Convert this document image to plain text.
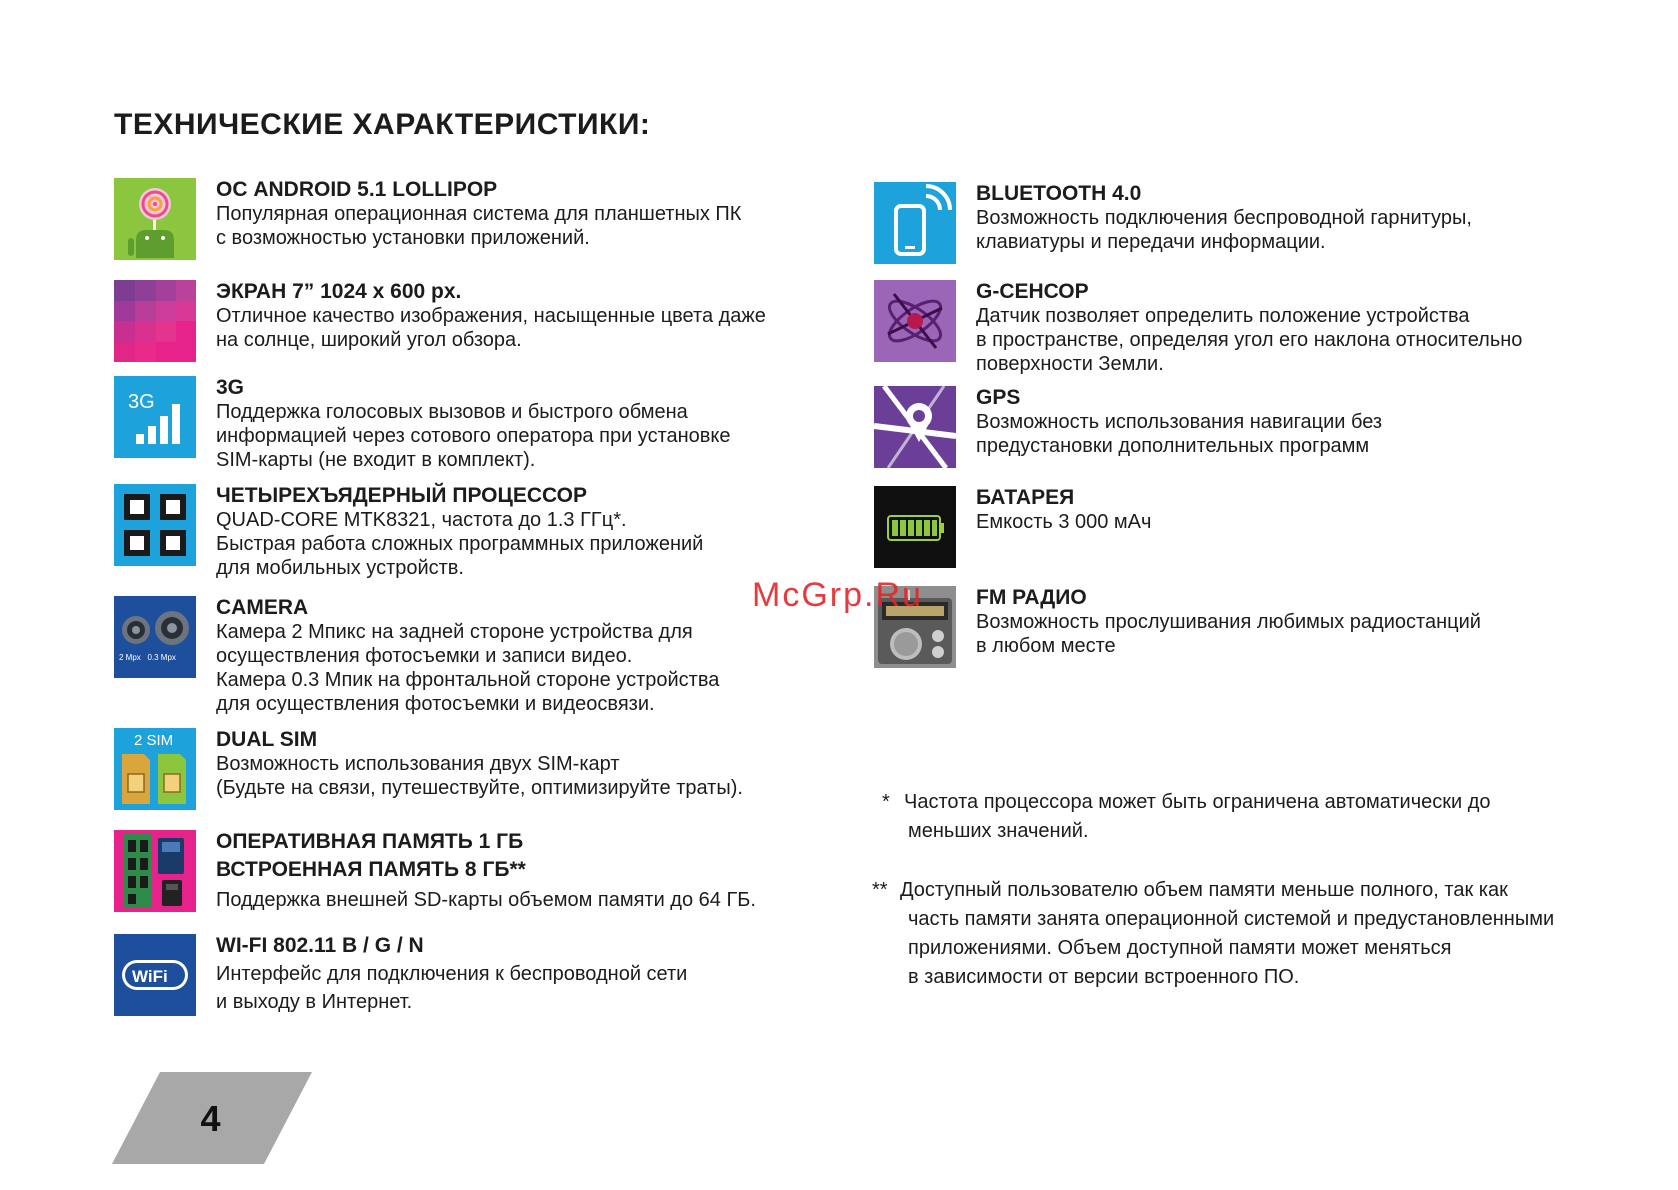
ТЕХНИЧЕСКИЕ ХАРАКТЕРИСТИКИ:
ОС ANDROID 5.1 LOLLIPOP
Популярная операционная система для планшетных ПК
с возможностью установки приложений.
ЭКРАН 7” 1024 x 600 px.
Отличное качество изображения, насыщенные цвета даже
на солнце, широкий угол обзора.
3G
3G
Поддержка голосовых вызовов и быстрого обмена
информацией через сотового оператора при установке
SIM-карты (не входит в комплект).
ЧЕТЫРЕХЪЯДЕРНЫЙ ПРОЦЕССОР
QUAD-CORE MTK8321, частота до 1.3 ГГц*.
Быстрая работа сложных программных приложений
для мобильных устройств.
2 Mpx   0.3 Mpx
CAMERA
Камера 2 Мпикс на задней стороне устройства для
осуществления фотосъемки и записи видео.
Камера 0.3 Мпик на фронтальной стороне устройства
для осуществления фотосъемки и видеосвязи.
2 SIM DUAL SIM
Возможность использования двух SIM-карт
(Будьте на связи, путешествуйте, оптимизируйте траты).
ОПЕРАТИВНАЯ ПАМЯТЬ 1 ГБ
ВСТРОЕННАЯ ПАМЯТЬ 8 ГБ**
Поддержка внешней SD-карты объемом памяти до 64 ГБ.
WiFi
WI-FI 802.11 B / G / N
Интерфейс для подключения к беспроводной сети
и выходу в Интернет.
BLUETOOTH 4.0
Возможность подключения беспроводной гарнитуры,
клавиатуры и передачи информации.
G-СЕНСОР
Датчик позволяет определить положение устройства
в пространстве, определяя угол его наклона относительно
поверхности Земли.
GPS
Возможность использования навигации без
предустановки дополнительных программ
БАТАРЕЯ
Емкость 3 000 мАч
FM РАДИО
Возможность прослушивания любимых радиостанций
в любом месте
McGrp.Ru
* Частота процессора может быть ограничена автоматически до
меньших значений.
** Доступный пользователю объем памяти меньше полного, так как
часть памяти занята операционной системой и предустановленными
приложениями. Объем доступной памяти может меняться
в зависимости от версии встроенного ПО.
4
